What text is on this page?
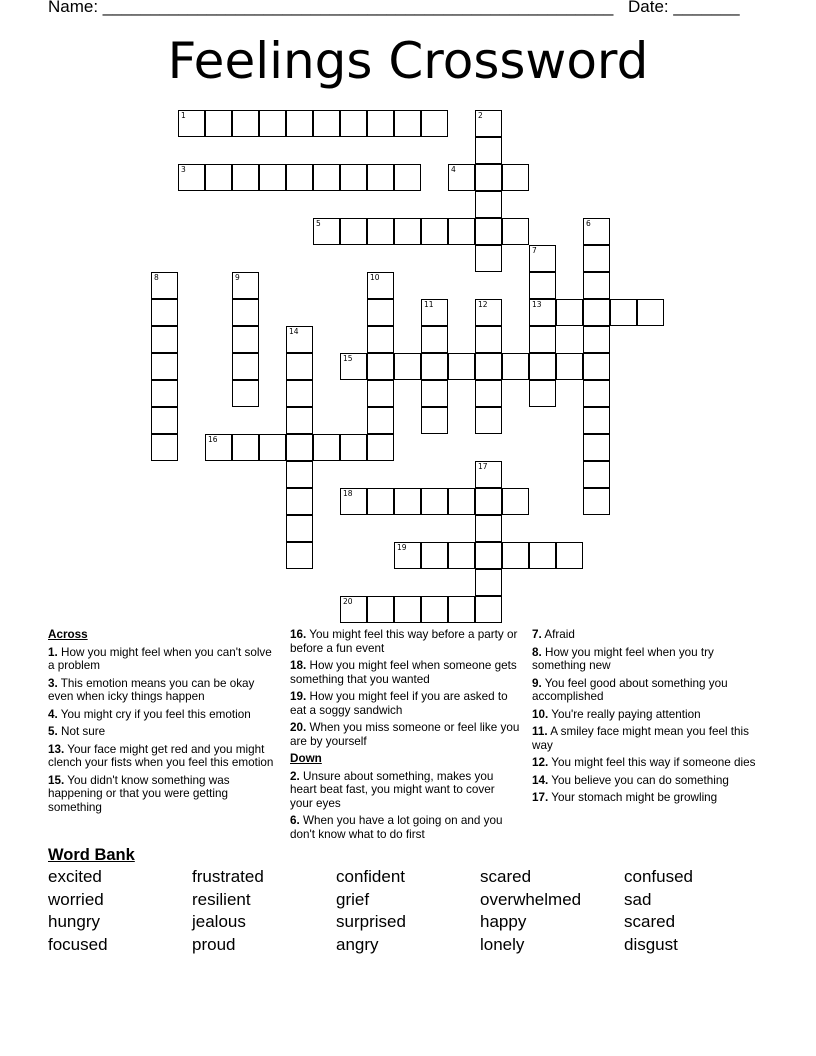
Name: ______________________________________________________ Date: _______
Feelings Crossword
1	2
3	4
5	6
7
13
8	9	10
11	12
14
15
16
17
18
19
20
Across
1. How you might feel when you can't solve a problem
3. This emotion means you can be okay even when icky things happen
4. You might cry if you feel this emotion
5. Not sure
13. Your face might get red and you might clench your fists when you feel this emotion
15. You didn't know something was happening or that you were getting something
16. You might feel this way before a party or before a fun event
18. How you might feel when someone gets something that you wanted
19. How you might feel if you are asked to eat a soggy sandwich
20. When you miss someone or feel like you are by yourself
Down
2. Unsure about something, makes you heart beat fast, you might want to cover your eyes
6. When you have a lot going on and you don't know what to do first
7. Afraid
8. How you might feel when you try something new
9. You feel good about something you accomplished
10. You're really paying attention
11. A smiley face might mean you feel this way
12. You might feel this way if someone dies
14. You believe you can do something
17. Your stomach might be growling
Word Bank
excited	frustrated	confident	scared	confused
worried	resilient	grief	overwhelmed	sad
hungry	jealous	surprised	happy	scared
focused	proud	angry	lonely	disgust
